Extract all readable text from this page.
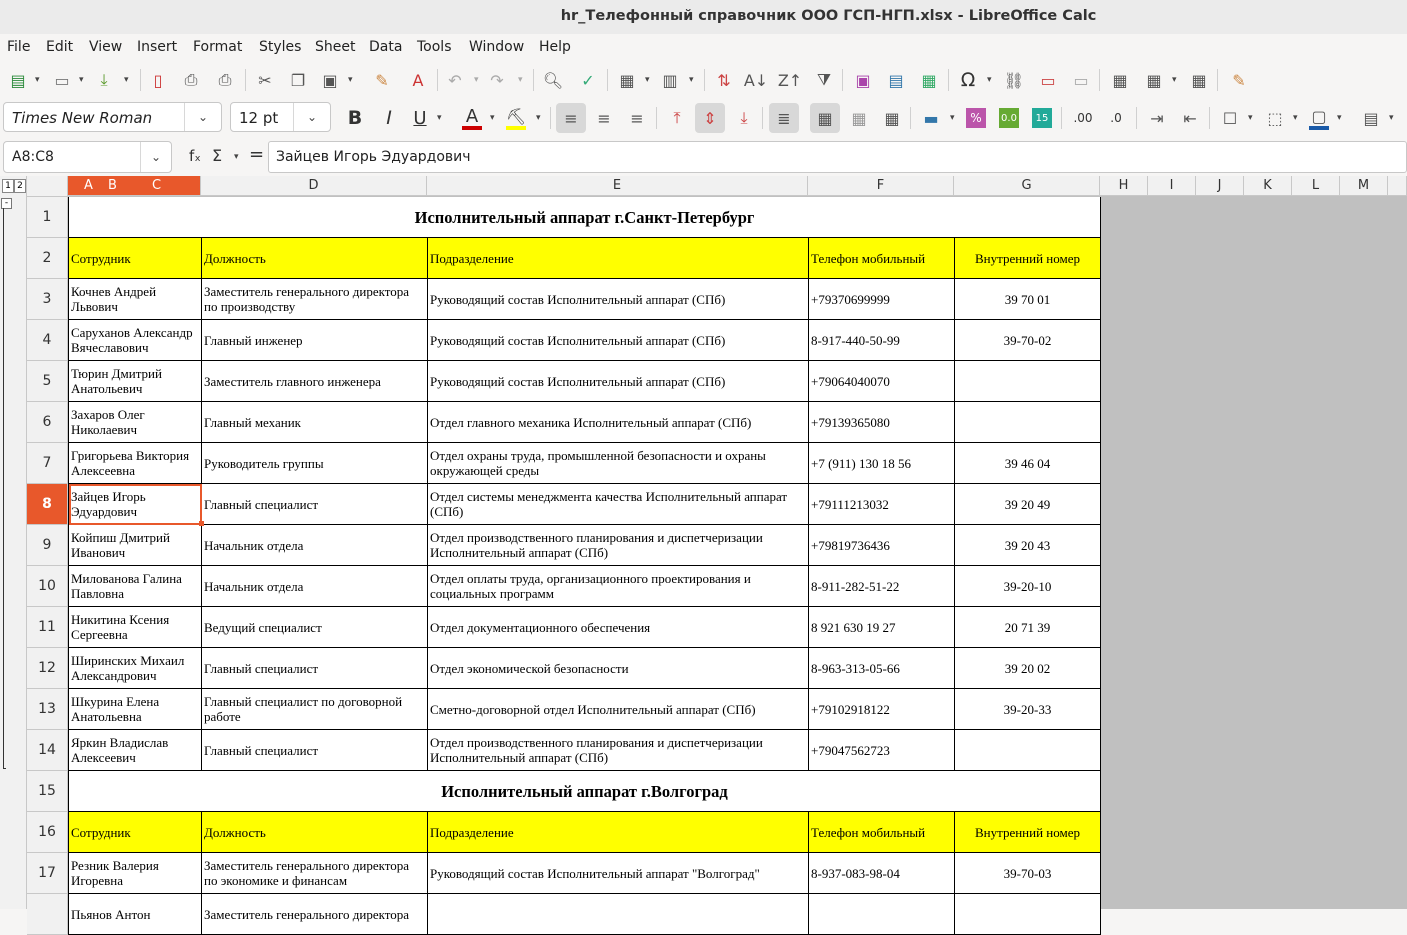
hr_Телефонный справочник ООО ГСП-НГП.xlsx - LibreOffice Calc
File Edit View Insert Format Styles Sheet Data Tools Window Help
▤ ▾ ▭ ▾	⤓	▾	▯	⎙ ⎙ ✂ ❐ ▣ ▾ ✎ A ↶	▾ ↷	▾ 🔍︎ ✓ ▦ ▾ ▥ ▾ ⇅ A↓ Z↑ ⧩ ▣ ▤ ▦ Ω	▾ ⛓ ▭ ▭ ▦ ▦ ▾ ▦ ✎
Times New Roman	⌄	12 pt	⌄	B	I	U	▾ A	▾ ⛏ ▾	≡	≡ ≡	⤒	⇕	⤓	≣	▦	▦ ▦ ▬ ▾	%	0.0	15	.00	.0 ⇥ ⇤ ☐	▾ ⬚ ▾ ▢ ▾ ▤ ▾
A8:C8	⌄	fₓ Σ ▾ = Зайцев Игорь Эдуардович
1 2
-
A B	C	D	E	F	G	H	I	J	K	L	M
1
2
3
4
5
6
7
8
9
10
11
12
13
14
15
16
17
Исполнительный аппарат г.Санкт-Петербург
Сотрудник	Должность	Подразделение	Телефон мобильный	Внутренний номер
Кочнев Андрей Львович
Заместитель генерального директора по производству	Руководящий состав Исполнительный аппарат (СПб)	+79370699999	39 70 01
Саруханов Александр Вячеславович	Главный инженер	Руководящий состав Исполнительный аппарат (СПб)	8-917-440-50-99	39-70-02
Тюрин Дмитрий Анатольевич	Заместитель главного инженера	Руководящий состав Исполнительный аппарат (СПб)	+79064040070
Захаров Олег Николаевич	Главный механик	Отдел главного механика Исполнительный аппарат (СПб)	+79139365080
Григорьева Виктория Алексеевна	Руководитель группы	Отдел охраны труда, промышленной безопасности и охраны окружающей среды	+7 (911) 130 18 56	39 46 04
Зайцев Игорь Эдуардович	Главный специалист	Отдел системы менеджмента качества Исполнительный аппарат (СПб)	+79111213032	39 20 49
Койпиш Дмитрий Иванович	Начальник отдела	Отдел производственного планирования и диспетчеризации Исполнительный аппарат (СПб)	+79819736436	39 20 43
Милованова Галина Павловна	Начальник отдела	Отдел оплаты труда, организационного проектирования и социальных программ	8-911-282-51-22	39-20-10
Никитина Ксения Сергеевна	Ведущий специалист	Отдел документационного обеспечения	8 921 630 19 27	20 71 39
Ширинских Михаил Александрович	Главный специалист	Отдел экономической безопасности	8-963-313-05-66	39 20 02
Шкурина Елена Анатольевна
Главный специалист по договорной работе	Сметно-договорной отдел Исполнительный аппарат (СПб)	+79102918122	39-20-33
Яркин Владислав Алексеевич	Главный специалист	Отдел производственного планирования и диспетчеризации Исполнительный аппарат (СПб)	+79047562723
Исполнительный аппарат г.Волгоград
Сотрудник	Должность	Подразделение	Телефон мобильный	Внутренний номер
Резник Валерия Игоревна
Заместитель генерального директора по экономике и финансам	Руководящий состав Исполнительный аппарат "Волгоград"	8-937-083-98-04	39-70-03
Пьянов Антон	Заместитель генерального директора
